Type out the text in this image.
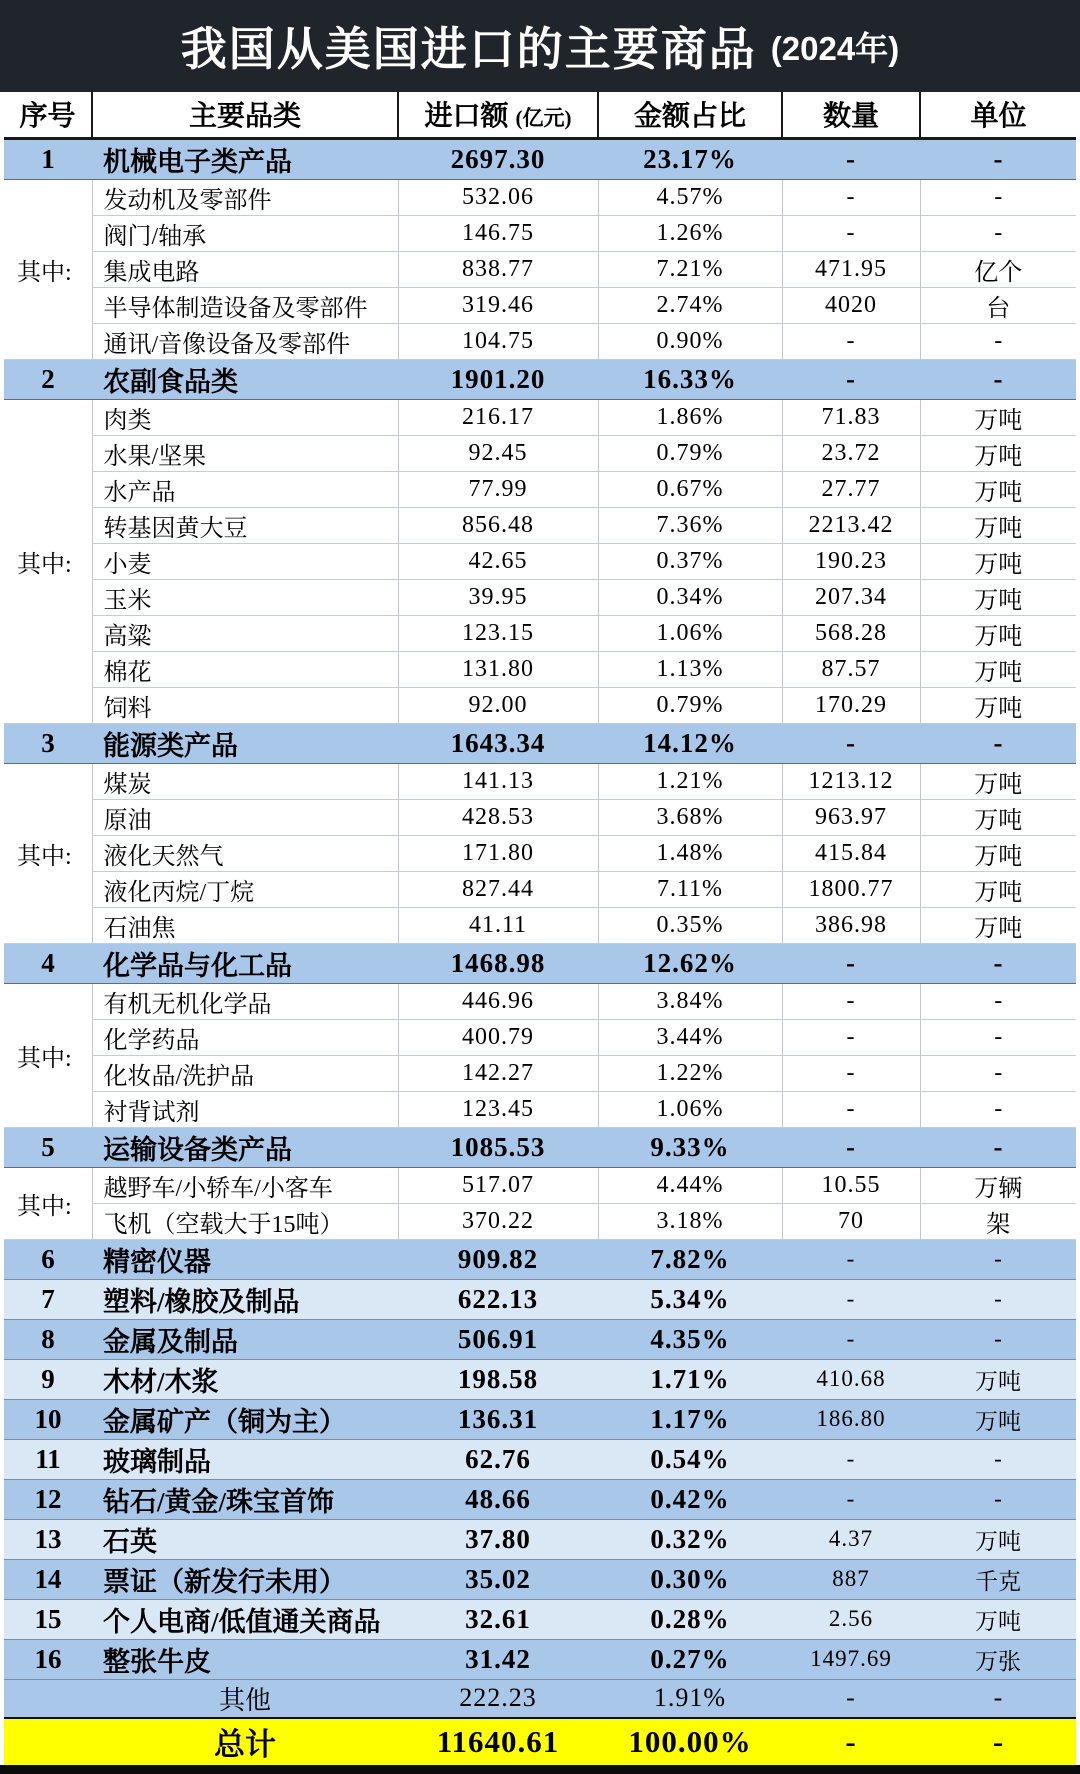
我国从美国进口的主要商品 (2024年)
序号	主要品类	进口额 (亿元)	金额占比	数量	单位
1	机械电子类产品	2697.30	23.17%	-	-
其中:	发动机及零部件	532.06	4.57%	-	-
	阀门/轴承	146.75	1.26%	-	-
	集成电路	838.77	7.21%	471.95	亿个
	半导体制造设备及零部件	319.46	2.74%	4020	台
	通讯/音像设备及零部件	104.75	0.90%	-	-
2	农副食品类	1901.20	16.33%	-	-
其中:	肉类	216.17	1.86%	71.83	万吨
	水果/坚果	92.45	0.79%	23.72	万吨
	水产品	77.99	0.67%	27.77	万吨
	转基因黄大豆	856.48	7.36%	2213.42	万吨
	小麦	42.65	0.37%	190.23	万吨
	玉米	39.95	0.34%	207.34	万吨
	高粱	123.15	1.06%	568.28	万吨
	棉花	131.80	1.13%	87.57	万吨
	饲料	92.00	0.79%	170.29	万吨
3	能源类产品	1643.34	14.12%	-	-
其中:	煤炭	141.13	1.21%	1213.12	万吨
	原油	428.53	3.68%	963.97	万吨
	液化天然气	171.80	1.48%	415.84	万吨
	液化丙烷/丁烷	827.44	7.11%	1800.77	万吨
	石油焦	41.11	0.35%	386.98	万吨
4	化学品与化工品	1468.98	12.62%	-	-
其中:	有机无机化学品	446.96	3.84%	-	-
	化学药品	400.79	3.44%	-	-
	化妆品/洗护品	142.27	1.22%	-	-
	衬背试剂	123.45	1.06%	-	-
5	运输设备类产品	1085.53	9.33%	-	-
其中:	越野车/小轿车/小客车	517.07	4.44%	10.55	万辆
	飞机（空载大于15吨）	370.22	3.18%	70	架
6	精密仪器	909.82	7.82%	-	-
7	塑料/橡胶及制品	622.13	5.34%	-	-
8	金属及制品	506.91	4.35%	-	-
9	木材/木浆	198.58	1.71%	410.68	万吨
10	金属矿产（铜为主）	136.31	1.17%	186.80	万吨
11	玻璃制品	62.76	0.54%	-	-
12	钻石/黄金/珠宝首饰	48.66	0.42%	-	-
13	石英	37.80	0.32%	4.37	万吨
14	票证（新发行未用）	35.02	0.30%	887	千克
15	个人电商/低值通关商品	32.61	0.28%	2.56	万吨
16	整张牛皮	31.42	0.27%	1497.69	万张
	其他	222.23	1.91%	-	-
	总计	11640.61	100.00%	-	-
